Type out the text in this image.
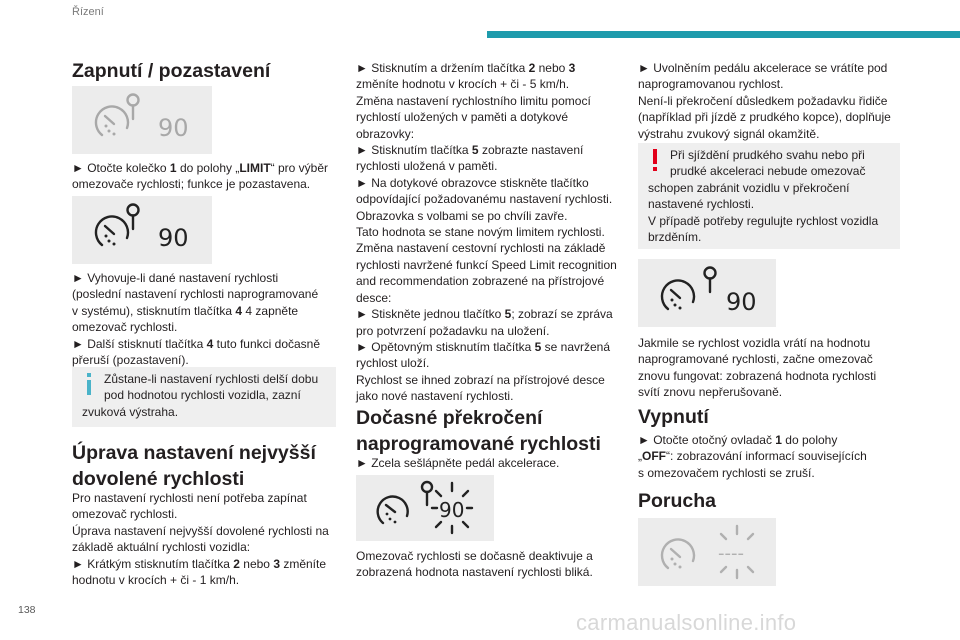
Řízení
Zapnutí / pozastavení
90
► Otočte kolečko 1 do polohy „LIMIT“ pro výběr omezovače rychlosti; funkce je pozastavena.
90
► Vyhovuje-li dané nastavení rychlosti
(poslední nastavení rychlosti naprogramované
v systému), stisknutím tlačítka 4 4 zapněte
omezovač rychlosti.
► Další stisknutí tlačítka 4 tuto funkci dočasně
přeruší (pozastavení).
Zůstane-li nastavení rychlosti delší dobu
pod hodnotou rychlosti vozidla, zazní
zvuková výstraha.
Úprava nastavení nejvyšší
dovolené rychlosti
Pro nastavení rychlosti není potřeba zapínat
omezovač rychlosti.
Úprava nastavení nejvyšší dovolené rychlosti na
základě aktuální rychlosti vozidla:
► Krátkým stisknutím tlačítka 2 nebo 3 změníte
hodnotu v krocích + či - 1 km/h.
► Stisknutím a držením tlačítka 2 nebo 3
změníte hodnotu v krocích + či - 5 km/h.
Změna nastavení rychlostního limitu pomocí
rychlostí uložených v paměti a dotykové
obrazovky:
► Stisknutím tlačítka 5 zobrazte nastavení
rychlosti uložená v paměti.
► Na dotykové obrazovce stiskněte tlačítko
odpovídající požadovanému nastavení rychlosti.
Obrazovka s volbami se po chvíli zavře.
Tato hodnota se stane novým limitem rychlosti.
Změna nastavení cestovní rychlosti na základě
rychlosti navržené funkcí Speed Limit recognition
and recommendation zobrazené na přístrojové
desce:
► Stiskněte jednou tlačítko 5; zobrazí se zpráva
pro potvrzení požadavku na uložení.
► Opětovným stisknutím tlačítka 5 se navržená
rychlost uloží.
Rychlost se ihned zobrazí na přístrojové desce
jako nové nastavení rychlosti.
Dočasné překročení
naprogramované rychlosti
► Zcela sešlápněte pedál akcelerace.
90
Omezovač rychlosti se dočasně deaktivuje a
zobrazená hodnota nastavení rychlosti bliká.
► Uvolněním pedálu akcelerace se vrátíte pod
naprogramovanou rychlost.
Není-li překročení důsledkem požadavku řidiče
(například při jízdě z prudkého kopce), doplňuje
výstrahu zvukový signál okamžitě.
Při sjíždění prudkého svahu nebo při
prudké akceleraci nebude omezovač
schopen zabránit vozidlu v překročení
nastavené rychlosti.
V případě potřeby regulujte rychlost vozidla
brzděním.
90
Jakmile se rychlost vozidla vrátí na hodnotu
naprogramované rychlosti, začne omezovač
znovu fungovat: zobrazená hodnota rychlosti
svítí znovu nepřerušovaně.
Vypnutí
► Otočte otočný ovladač 1 do polohy
„OFF“: zobrazování informací souvisejících
s omezovačem rychlosti se zruší.
Porucha
----
138	carmanualsonline.info
